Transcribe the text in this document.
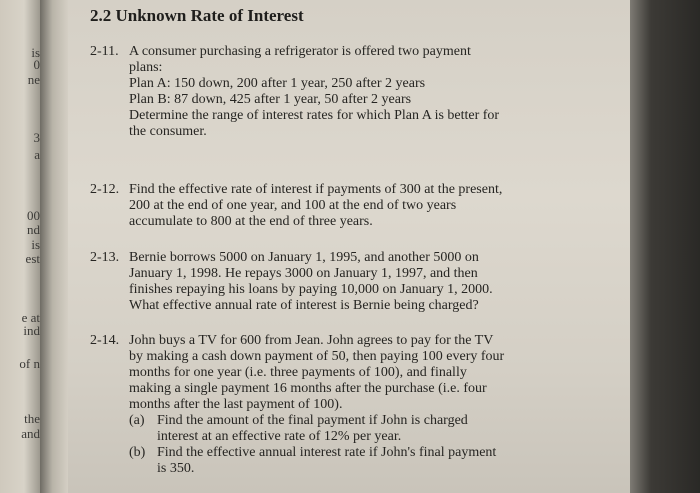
is
0
ne
3
a
00
nd
is
est
e at
ind
of n
the
and
2.2 Unknown Rate of Interest
2-11. A consumer purchasing a refrigerator is offered two payment
plans:
Plan A: 150 down, 200 after 1 year, 250 after 2 years
Plan B: 87 down, 425 after 1 year, 50 after 2 years
Determine the range of interest rates for which Plan A is better for
the consumer.
2-12. Find the effective rate of interest if payments of 300 at the present,
200 at the end of one year, and 100 at the end of two years
accumulate to 800 at the end of three years.
2-13. Bernie borrows 5000 on January 1, 1995, and another 5000 on
January 1, 1998. He repays 3000 on January 1, 1997, and then
finishes repaying his loans by paying 10,000 on January 1, 2000.
What effective annual rate of interest is Bernie being charged?
2-14. John buys a TV for 600 from Jean. John agrees to pay for the TV
by making a cash down payment of 50, then paying 100 every four
months for one year (i.e. three payments of 100), and finally
making a single payment 16 months after the purchase (i.e. four
months after the last payment of 100).
(a) Find the amount of the final payment if John is charged
interest at an effective rate of 12% per year.
(b) Find the effective annual interest rate if John's final payment
is 350.
